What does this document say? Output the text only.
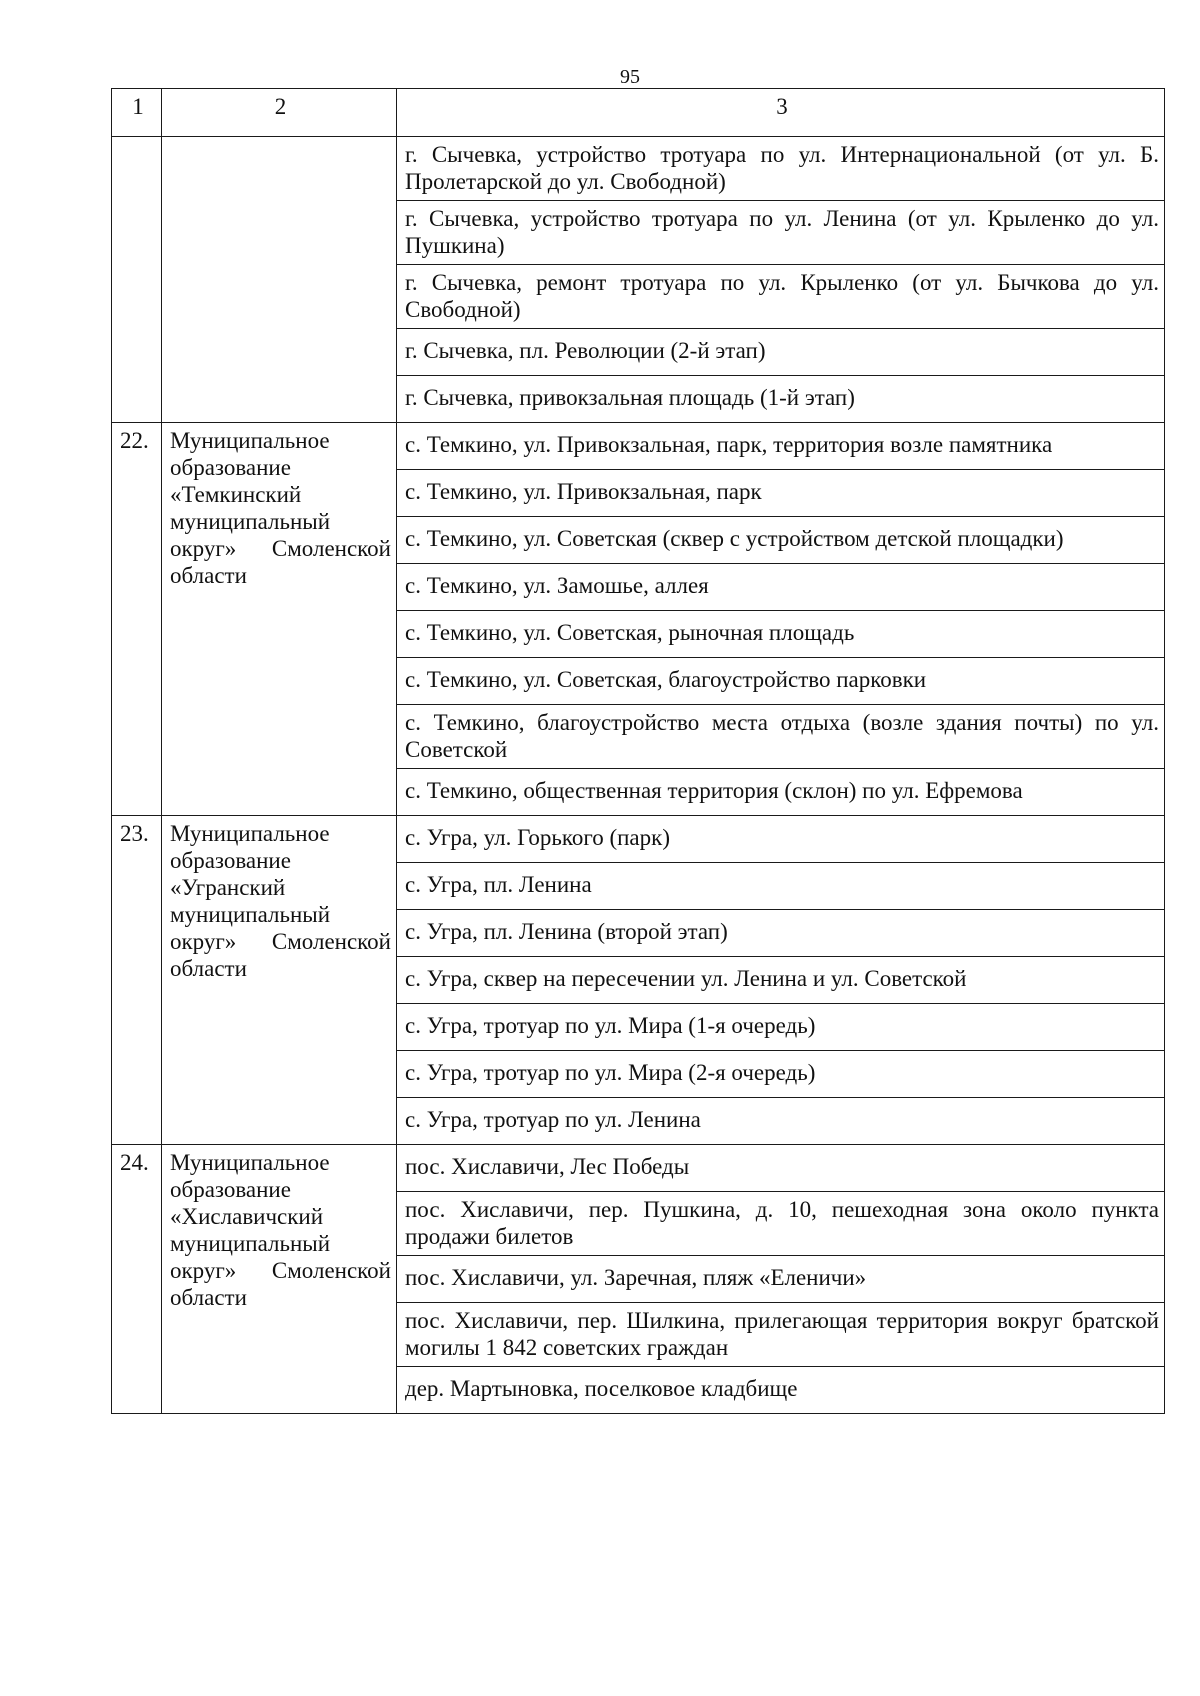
95
1	2	3
		г. Сычевка, устройство тротуара по ул. Интернациональной (от ул. Б. Пролетарской до ул. Свободной)
		г. Сычевка, устройство тротуара по ул. Ленина (от ул. Крыленко до ул. Пушкина)
		г. Сычевка, ремонт тротуара по ул. Крыленко (от ул. Бычкова до ул. Свободной)
		г. Сычевка, пл. Революции (2-й этап)
		г. Сычевка, привокзальная площадь (1-й этап)
22.	Муниципальное образование «Темкинский муниципальный округ» Смоленской области	с. Темкино, ул. Привокзальная, парк, территория возле памятника
		с. Темкино, ул. Привокзальная, парк
		с. Темкино, ул. Советская (сквер с устройством детской площадки)
		с. Темкино, ул. Замошье, аллея
		с. Темкино, ул. Советская, рыночная площадь
		с. Темкино, ул. Советская, благоустройство парковки
		с. Темкино, благоустройство места отдыха (возле здания почты) по ул. Советской
		с. Темкино, общественная территория (склон) по ул. Ефремова
23.	Муниципальное образование «Угранский муниципальный округ» Смоленской области	с. Угра, ул. Горького (парк)
		с. Угра, пл. Ленина
		с. Угра, пл. Ленина (второй этап)
		с. Угра, сквер на пересечении ул. Ленина и ул. Советской
		с. Угра, тротуар по ул. Мира (1-я очередь)
		с. Угра, тротуар по ул. Мира (2-я очередь)
		с. Угра, тротуар по ул. Ленина
24.	Муниципальное образование «Хиславичский муниципальный округ» Смоленской области	пос. Хиславичи, Лес Победы
		пос. Хиславичи, пер. Пушкина, д. 10, пешеходная зона около пункта продажи билетов
		пос. Хиславичи, ул. Заречная, пляж «Еленичи»
		пос. Хиславичи, пер. Шилкина, прилегающая территория вокруг братской могилы 1 842 советских граждан
		дер. Мартыновка, поселковое кладбище
